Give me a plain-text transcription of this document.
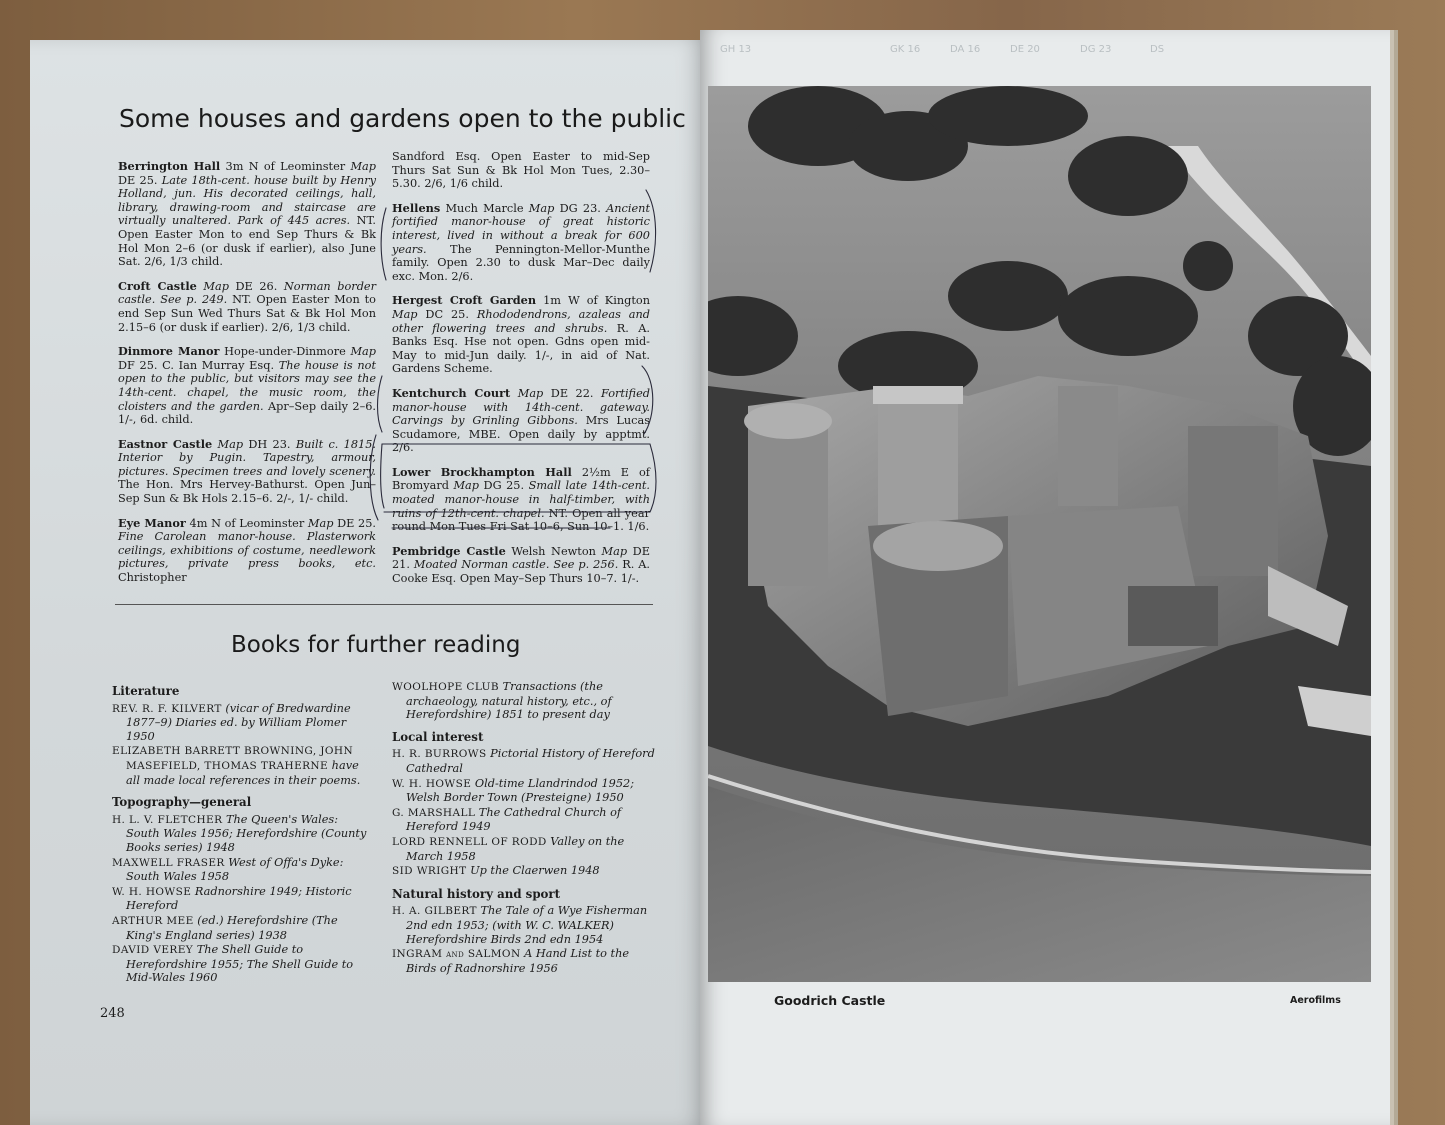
Some houses and gardens open to the public

Berrington Hall 3m N of Leominster Map DE 25. Late 18th-cent. house built by Henry Holland, jun. His decorated ceilings, hall, library, drawing-room and staircase are virtually unaltered. Park of 445 acres. NT. Open Easter Mon to end Sep Thurs & Bk Hol Mon 2–6 (or dusk if earlier), also June Sat. 2/6, 1/3 child.

Croft Castle Map DE 26. Norman border castle. See p. 249. NT. Open Easter Mon to end Sep Sun Wed Thurs Sat & Bk Hol Mon 2.15–6 (or dusk if earlier). 2/6, 1/3 child.

Dinmore Manor Hope-under-Dinmore Map DF 25. C. Ian Murray Esq. The house is not open to the public, but visitors may see the 14th-cent. chapel, the music room, the cloisters and the garden. Apr–Sep daily 2–6. 1/-, 6d. child.

Eastnor Castle Map DH 23. Built c. 1815. Interior by Pugin. Tapestry, armour, pictures. Specimen trees and lovely scenery. The Hon. Mrs Hervey-Bathurst. Open Jun–Sep Sun & Bk Hols 2.15–6. 2/-, 1/- child.

Eye Manor 4m N of Leominster Map DE 25. Fine Carolean manor-house. Plasterwork ceilings, exhibitions of costume, needlework pictures, private press books, etc. Christopher

Sandford Esq. Open Easter to mid-Sep Thurs Sat Sun & Bk Hol Mon Tues, 2.30–5.30. 2/6, 1/6 child.

Hellens Much Marcle Map DG 23. Ancient fortified manor-house of great historic interest, lived in without a break for 600 years. The Pennington-Mellor-Munthe family. Open 2.30 to dusk Mar–Dec daily exc. Mon. 2/6.

Hergest Croft Garden 1m W of Kington Map DC 25. Rhododendrons, azaleas and other flowering trees and shrubs. R. A. Banks Esq. Hse not open. Gdns open mid-May to mid-Jun daily. 1/-, in aid of Nat. Gardens Scheme.

Kentchurch Court Map DE 22. Fortified manor-house with 14th-cent. gateway. Carvings by Grinling Gibbons. Mrs Lucas Scudamore, MBE. Open daily by apptmt. 2/6.

Lower Brockhampton Hall 2½m E of Bromyard Map DG 25. Small late 14th-cent. moated manor-house in half-timber, with ruins of 12th-cent. chapel. NT. Open all year round Mon Tues Fri Sat 10–6, Sun 10–1. 1/6.

Pembridge Castle Welsh Newton Map DE 21. Moated Norman castle. See p. 256. R. A. Cooke Esq. Open May–Sep Thurs 10–7. 1/-.

Books for further reading
Literature
REV. R. F. KILVERT (vicar of Bredwardine 1877–9) Diaries ed. by William Plomer 1950
ELIZABETH BARRETT BROWNING, JOHN MASEFIELD, THOMAS TRAHERNE have all made local references in their poems.
Topography—general
H. L. V. FLETCHER The Queen's Wales: South Wales 1956; Herefordshire (County Books series) 1948
MAXWELL FRASER West of Offa's Dyke: South Wales 1958
W. H. HOWSE Radnorshire 1949; Historic Hereford
ARTHUR MEE (ed.) Herefordshire (The King's England series) 1938
DAVID VEREY The Shell Guide to Herefordshire 1955; The Shell Guide to Mid-Wales 1960
WOOLHOPE CLUB Transactions (the archaeology, natural history, etc., of Herefordshire) 1851 to present day
Local interest
H. R. BURROWS Pictorial History of Hereford Cathedral
W. H. HOWSE Old-time Llandrindod 1952; Welsh Border Town (Presteigne) 1950
G. MARSHALL The Cathedral Church of Hereford 1949
LORD RENNELL OF RODD Valley on the March 1958
SID WRIGHT Up the Claerwen 1948
Natural history and sport
H. A. GILBERT The Tale of a Wye Fisherman 2nd edn 1953; (with W. C. WALKER) Herefordshire Birds 2nd edn 1954
INGRAM and SALMON A Hand List to the Birds of Radnorshire 1956
248
GH 13	GK 16	DA 16	DE 20	DG 23	DS
Goodrich Castle	Aerofilms
